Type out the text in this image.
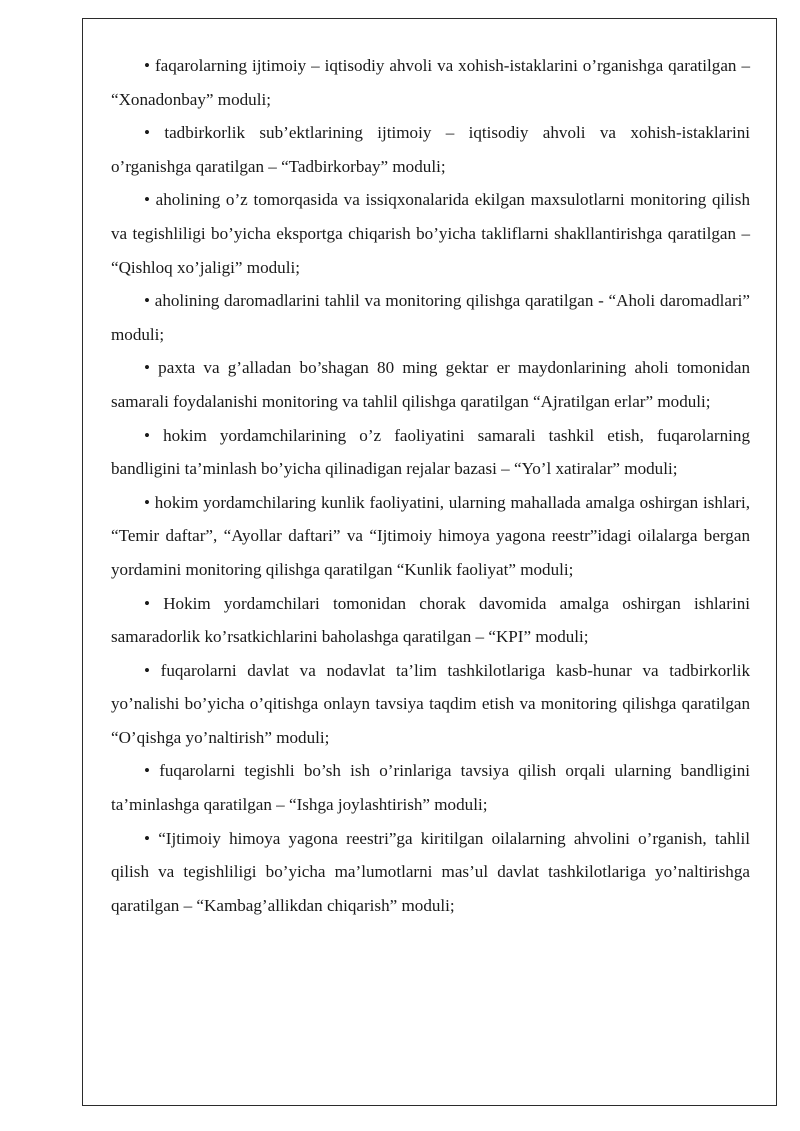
• faqarolarning ijtimoiy – iqtisodiy ahvoli va xohish-istaklarini o’rganishga qaratilgan – “Xonadonbay” moduli;

• tadbirkorlik sub’ektlarining ijtimoiy – iqtisodiy ahvoli va xohish-istaklarini o’rganishga qaratilgan – “Tadbirkorbay” moduli;

• aholining o’z tomorqasida va issiqxonalarida ekilgan maxsulotlarni monitoring qilish va tegishliligi bo’yicha eksportga chiqarish bo’yicha takliflarni shakllantirishga qaratilgan – “Qishloq xo’jaligi” moduli;

• aholining daromadlarini tahlil va monitoring qilishga qaratilgan - “Aholi daromadlari” moduli;

• paxta va g’alladan bo’shagan 80 ming gektar er maydonlarining aholi tomonidan samarali foydalanishi monitoring va tahlil qilishga qaratilgan “Ajratilgan erlar” moduli;

• hokim yordamchilarining o’z faoliyatini samarali tashkil etish, fuqarolarning bandligini ta’minlash bo’yicha qilinadigan rejalar bazasi – “Yo’l xatiralar” moduli;

• hokim yordamchilaring kunlik faoliyatini, ularning mahallada amalga oshirgan ishlari, “Temir daftar”, “Ayollar daftari” va “Ijtimoiy himoya yagona reestr”idagi oilalarga bergan yordamini monitoring qilishga qaratilgan “Kunlik faoliyat” moduli;

• Hokim yordamchilari tomonidan chorak davomida amalga oshirgan ishlarini samaradorlik ko’rsatkichlarini baholashga qaratilgan – “KPI” moduli;

• fuqarolarni davlat va nodavlat ta’lim tashkilotlariga kasb-hunar va tadbirkorlik yo’nalishi bo’yicha o’qitishga onlayn tavsiya taqdim etish va monitoring qilishga qaratilgan “O’qishga yo’naltirish” moduli;

• fuqarolarni tegishli bo’sh ish o’rinlariga tavsiya qilish orqali ularning bandligini ta’minlashga qaratilgan – “Ishga joylashtirish” moduli;

• “Ijtimoiy himoya yagona reestri”ga kiritilgan oilalarning ahvolini o’rganish, tahlil qilish va tegishliligi bo’yicha ma’lumotlarni mas’ul davlat tashkilotlariga yo’naltirishga qaratilgan – “Kambag’allikdan chiqarish” moduli;
